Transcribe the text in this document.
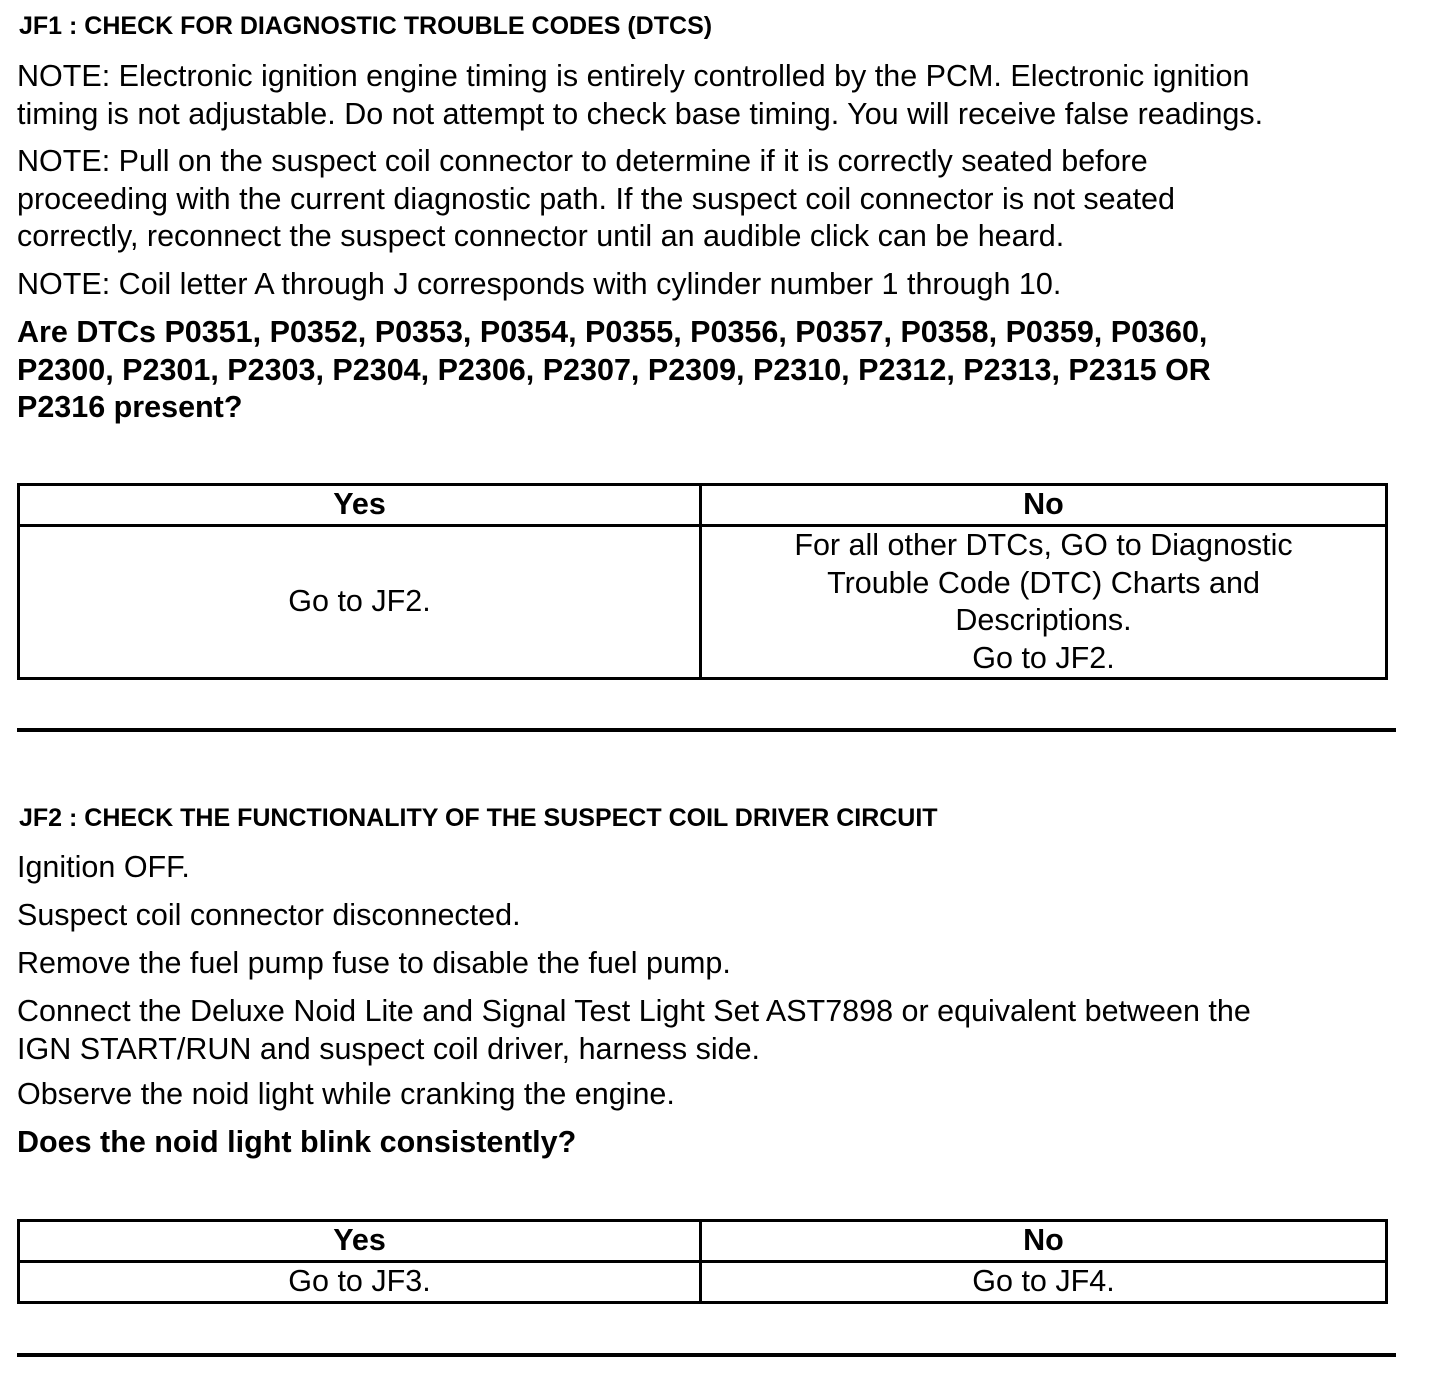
JF1 : CHECK FOR DIAGNOSTIC TROUBLE CODES (DTCS)
NOTE: Electronic ignition engine timing is entirely controlled by the PCM. Electronic ignition
timing is not adjustable. Do not attempt to check base timing. You will receive false readings.
NOTE: Pull on the suspect coil connector to determine if it is correctly seated before
proceeding with the current diagnostic path. If the suspect coil connector is not seated
correctly, reconnect the suspect connector until an audible click can be heard.
NOTE: Coil letter A through J corresponds with cylinder number 1 through 10.
Are DTCs P0351, P0352, P0353, P0354, P0355, P0356, P0357, P0358, P0359, P0360,
P2300, P2301, P2303, P2304, P2306, P2307, P2309, P2310, P2312, P2313, P2315 OR
P2316 present?
Yes	No
Go to JF2.	For all other DTCs, GO to Diagnostic
Trouble Code (DTC) Charts and
Descriptions.
Go to JF2.
JF2 : CHECK THE FUNCTIONALITY OF THE SUSPECT COIL DRIVER CIRCUIT
Ignition OFF.
Suspect coil connector disconnected.
Remove the fuel pump fuse to disable the fuel pump.
Connect the Deluxe Noid Lite and Signal Test Light Set AST7898 or equivalent between the
IGN START/RUN and suspect coil driver, harness side.
Observe the noid light while cranking the engine.
Does the noid light blink consistently?
Yes	No
Go to JF3.	Go to JF4.
